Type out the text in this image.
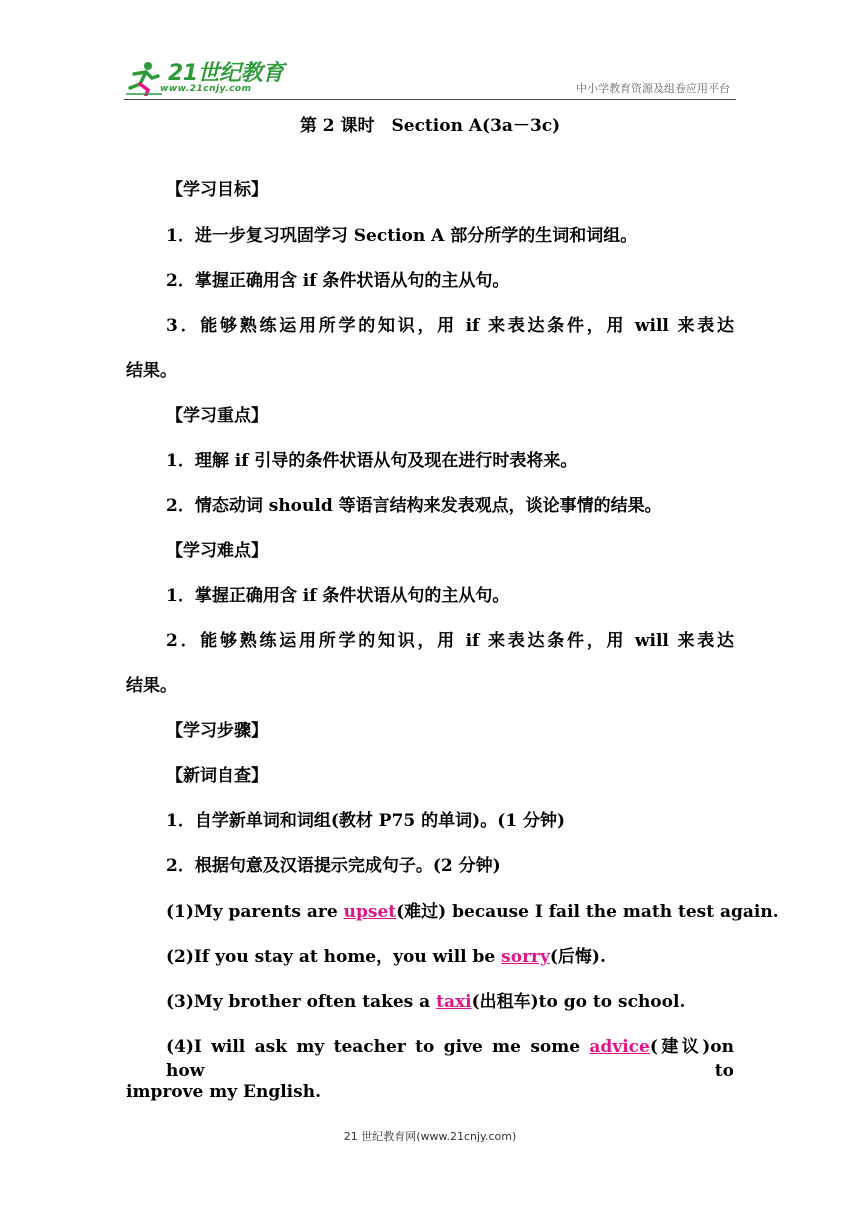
21世纪教育
www.21cnjy.com	中小学教育资源及组卷应用平台
第 2 课时　Section A(3a－3c)
【学习目标】
1．进一步复习巩固学习 Section A 部分所学的生词和词组。
2．掌握正确用含 if 条件状语从句的主从句。
3．能够熟练运用所学的知识，用 if 来表达条件，用 will 来表达
结果。
【学习重点】
1．理解 if 引导的条件状语从句及现在进行时表将来。
2．情态动词 should 等语言结构来发表观点，谈论事情的结果。
【学习难点】
1．掌握正确用含 if 条件状语从句的主从句。
2．能够熟练运用所学的知识，用 if 来表达条件，用 will 来表达
结果。
【学习步骤】
【新词自查】
1．自学新单词和词组(教材 P75 的单词)。(1 分钟)
2．根据句意及汉语提示完成句子。(2 分钟)
(1)My parents are upset(难过) because I fail the math test again.
(2)If you stay at home，you will be sorry(后悔).
(3)My brother often takes a taxi(出租车)to go to school.
(4)I will ask my teacher to give me some advice(建议)on how to
improve my English.
21 世纪教育网(www.21cnjy.com)
